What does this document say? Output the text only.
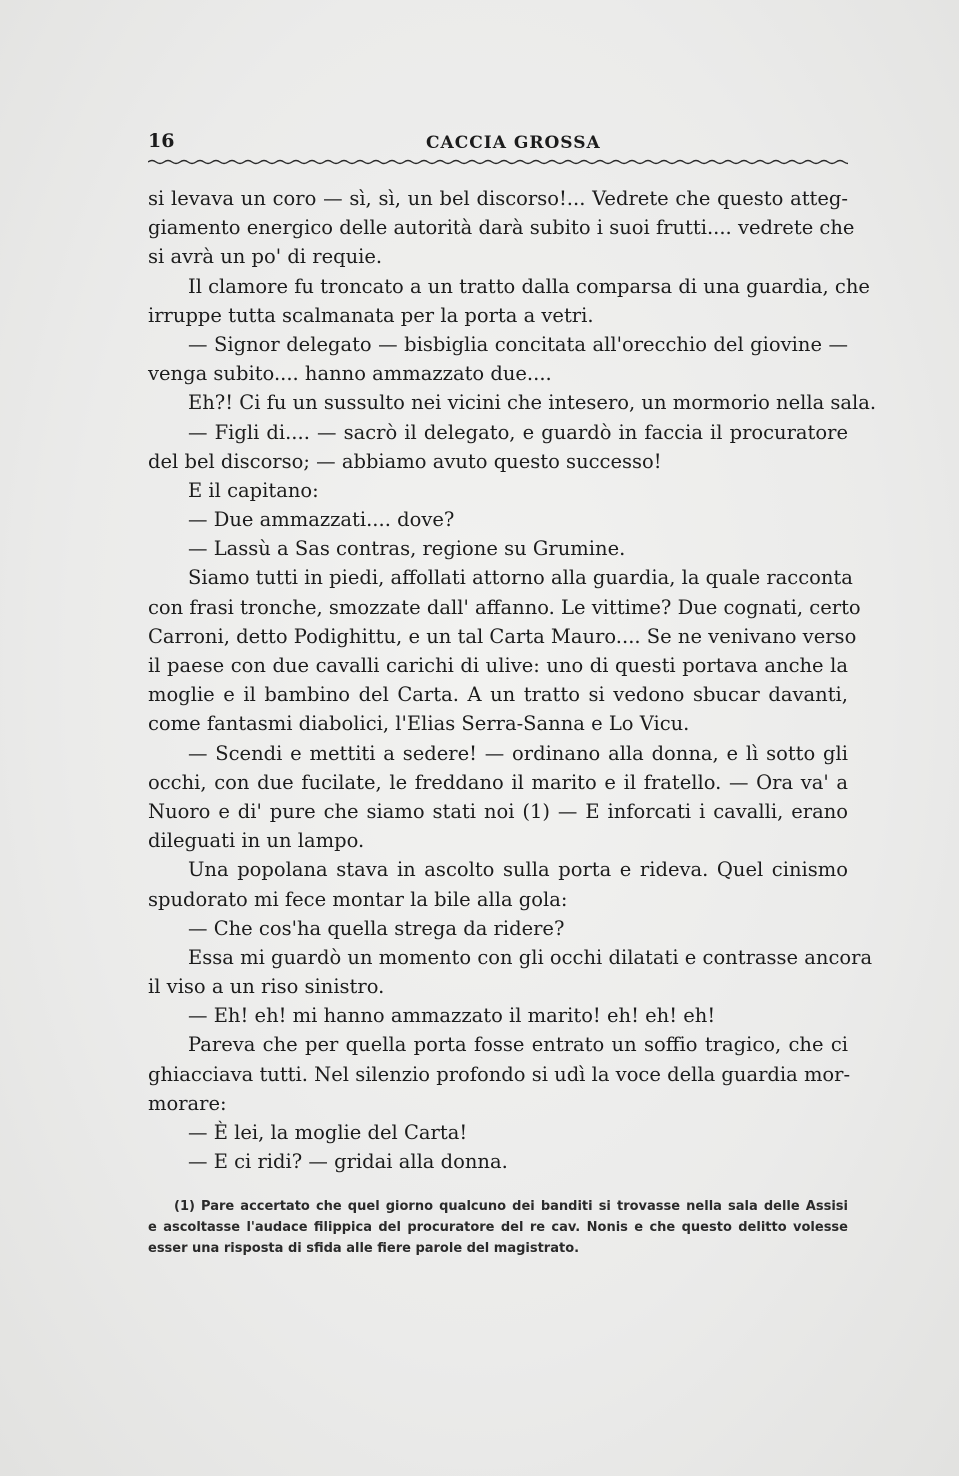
16	CACCIA GROSSA
si levava un coro — sì, sì, un bel discorso!... Vedrete che questo atteg-
giamento energico delle autorità darà subito i suoi frutti.... vedrete che
si avrà un po' di requie.
Il clamore fu troncato a un tratto dalla comparsa di una guardia, che
irruppe tutta scalmanata per la porta a vetri.
— Signor delegato — bisbiglia concitata all'orecchio del giovine —
venga subito.... hanno ammazzato due....
Eh?! Ci fu un sussulto nei vicini che intesero, un mormorio nella sala.
— Figli di.... — sacrò il delegato, e guardò in faccia il procuratore
del bel discorso; — abbiamo avuto questo successo!
E il capitano:
— Due ammazzati.... dove?
— Lassù a Sas contras, regione su Grumine.
Siamo tutti in piedi, affollati attorno alla guardia, la quale racconta
con frasi tronche, smozzate dall' affanno. Le vittime? Due cognati, certo
Carroni, detto Podighittu, e un tal Carta Mauro.... Se ne venivano verso
il paese con due cavalli carichi di ulive: uno di questi portava anche la
moglie e il bambino del Carta. A un tratto si vedono sbucar davanti,
come fantasmi diabolici, l'Elias Serra-Sanna e Lo Vicu.
— Scendi e mettiti a sedere! — ordinano alla donna, e lì sotto gli
occhi, con due fucilate, le freddano il marito e il fratello. — Ora va' a
Nuoro e di' pure che siamo stati noi (1) — E inforcati i cavalli, erano
dileguati in un lampo.
Una popolana stava in ascolto sulla porta e rideva. Quel cinismo
spudorato mi fece montar la bile alla gola:
— Che cos'ha quella strega da ridere?
Essa mi guardò un momento con gli occhi dilatati e contrasse ancora
il viso a un riso sinistro.
— Eh! eh! mi hanno ammazzato il marito! eh! eh! eh!
Pareva che per quella porta fosse entrato un soffio tragico, che ci
ghiacciava tutti. Nel silenzio profondo si udì la voce della guardia mor-
morare:
— È lei, la moglie del Carta!
— E ci ridi? — gridai alla donna.
(1) Pare accertato che quel giorno qualcuno dei banditi si trovasse nella sala delle Assisi
e ascoltasse l'audace filippica del procuratore del re cav. Nonis e che questo delitto volesse
esser una risposta di sfida alle fiere parole del magistrato.
